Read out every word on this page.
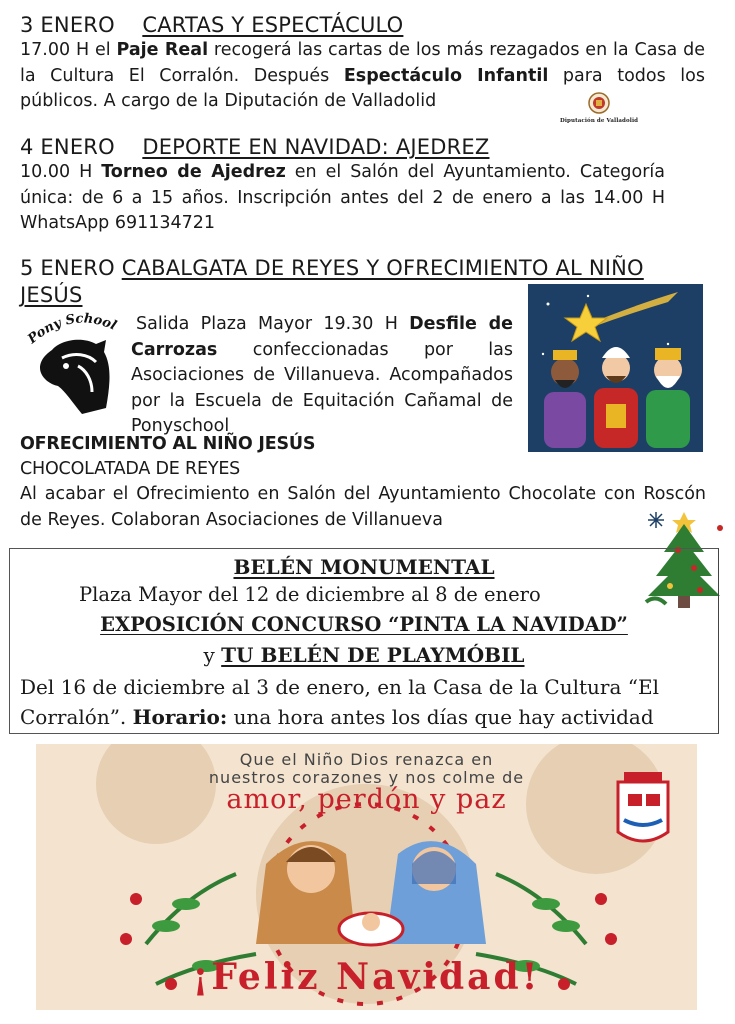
3 ENERO CARTAS Y ESPECTÁCULO
17.00 H el Paje Real recogerá las cartas de los más rezagados en la Casa de la Cultura El Corralón. Después Espectáculo Infantil para todos los públicos. A cargo de la Diputación de Valladolid
Diputación de Valladolid
4 ENERO DEPORTE EN NAVIDAD: AJEDREZ
10.00 H Torneo de Ajedrez en el Salón del Ayuntamiento. Categoría única: de 6 a 15 años. Inscripción antes del 2 de enero a las 14.00 H WhatsApp 691134721
5 ENERO CABALGATA DE REYES Y OFRECIMIENTO AL NIÑO
JESÚS
Pony School Salida Plaza Mayor 19.30 H Desfile de Carrozas confeccionadas por las Asociaciones de Villanueva. Acompañados por la Escuela de Equitación Cañamal de Ponyschool
OFRECIMIENTO AL NIÑO JESÚS
CHOCOLATADA DE REYES
Al acabar el Ofrecimiento en Salón del Ayuntamiento Chocolate con Roscón de Reyes. Colaboran Asociaciones de Villanueva
BELÉN MONUMENTAL
Plaza Mayor del 12 de diciembre al 8 de enero
EXPOSICIÓN CONCURSO “PINTA LA NAVIDAD”
y TU BELÉN DE PLAYMÓBIL
Del 16 de diciembre al 3 de enero, en la Casa de la Cultura “El
Corralón”. Horario: una hora antes los días que hay actividad
Que el Niño Dios renazca en
nuestros corazones y nos colme de
amor, perdón y paz
¡Feliz Navidad!
